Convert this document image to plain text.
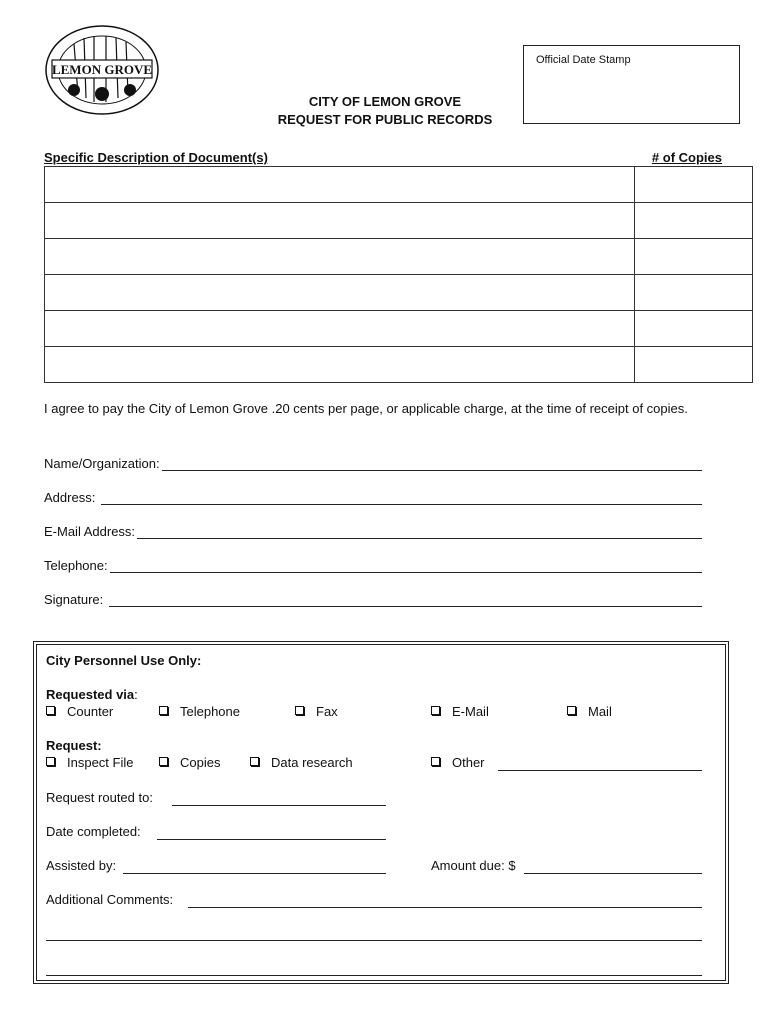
LEMON GROVE
Official Date Stamp
CITY OF LEMON GROVE
REQUEST FOR PUBLIC RECORDS
Specific Description of Document(s)	# of Copies

I agree to pay the City of Lemon Grove .20 cents per page, or applicable charge, at the time of receipt of copies.
Name/Organization:
Address:
E-Mail Address:
Telephone:
Signature:
City Personnel Use Only:
Requested via:
Counter	Telephone	Fax	E-Mail	Mail
Request:
Inspect File	Copies	Data research	Other
Request routed to:
Date completed:
Assisted by:	Amount due: $
Additional Comments:
